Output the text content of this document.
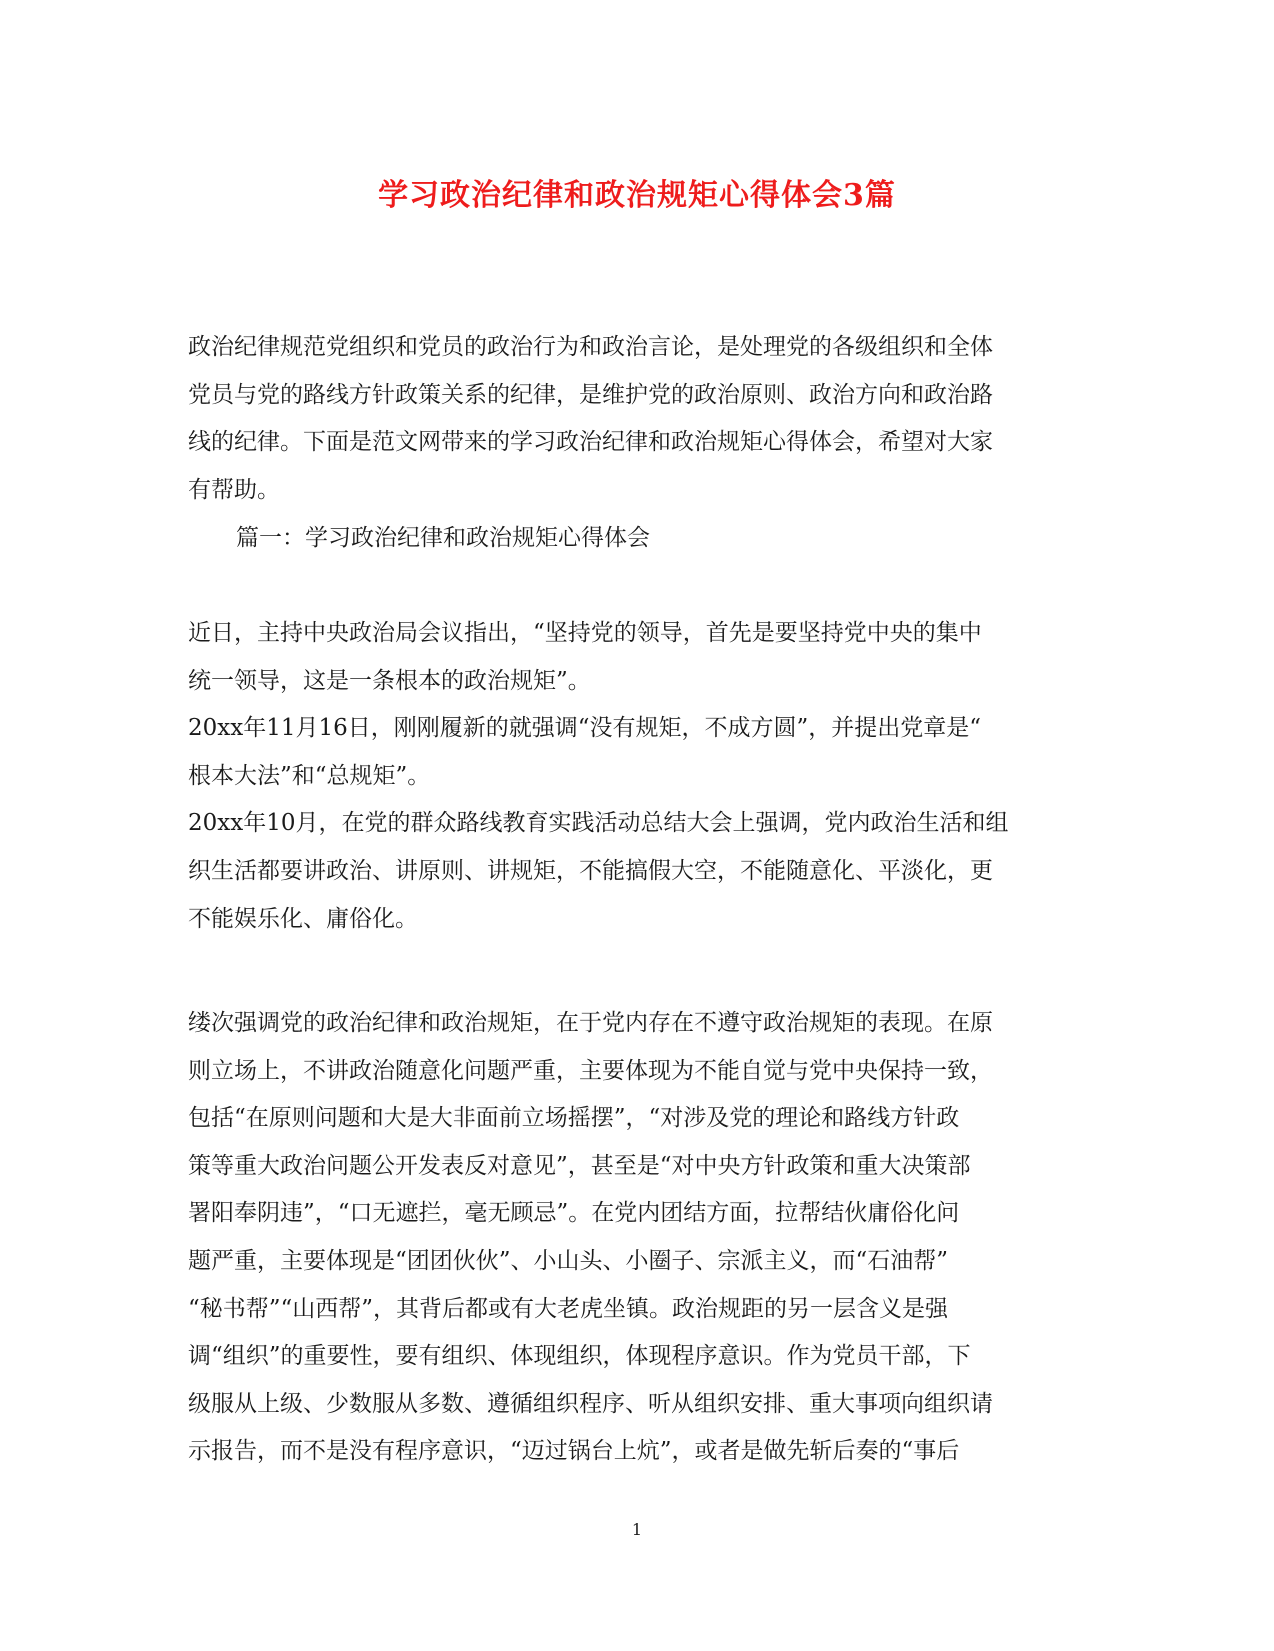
学习政治纪律和政治规矩心得体会3篇

政治纪律规范党组织和党员的政治行为和政治言论，是处理党的各级组织和全体
党员与党的路线方针政策关系的纪律，是维护党的政治原则、政治方向和政治路
线的纪律。下面是范文网带来的学习政治纪律和政治规矩心得体会，希望对大家
有帮助。

篇一：学习政治纪律和政治规矩心得体会

近日，主持中央政治局会议指出，“坚持党的领导，首先是要坚持党中央的集中
统一领导，这是一条根本的政治规矩”。
20xx年11月16日，刚刚履新的就强调“没有规矩，不成方圆”，并提出党章是“
根本大法”和“总规矩”。
20xx年10月，在党的群众路线教育实践活动总结大会上强调，党内政治生活和组
织生活都要讲政治、讲原则、讲规矩，不能搞假大空，不能随意化、平淡化，更
不能娱乐化、庸俗化。

缕次强调党的政治纪律和政治规矩，在于党内存在不遵守政治规矩的表现。在原
则立场上，不讲政治随意化问题严重，主要体现为不能自觉与党中央保持一致，
包括“在原则问题和大是大非面前立场摇摆”，“对涉及党的理论和路线方针政
策等重大政治问题公开发表反对意见”，甚至是“对中央方针政策和重大决策部
署阳奉阴违”，“口无遮拦，毫无顾忌”。在党内团结方面，拉帮结伙庸俗化问
题严重，主要体现是“团团伙伙”、小山头、小圈子、宗派主义，而“石油帮”
“秘书帮”“山西帮”，其背后都或有大老虎坐镇。政治规距的另一层含义是强
调“组织”的重要性，要有组织、体现组织，体现程序意识。作为党员干部，下
级服从上级、少数服从多数、遵循组织程序、听从组织安排、重大事项向组织请
示报告，而不是没有程序意识，“迈过锅台上炕”，或者是做先斩后奏的“事后

1
